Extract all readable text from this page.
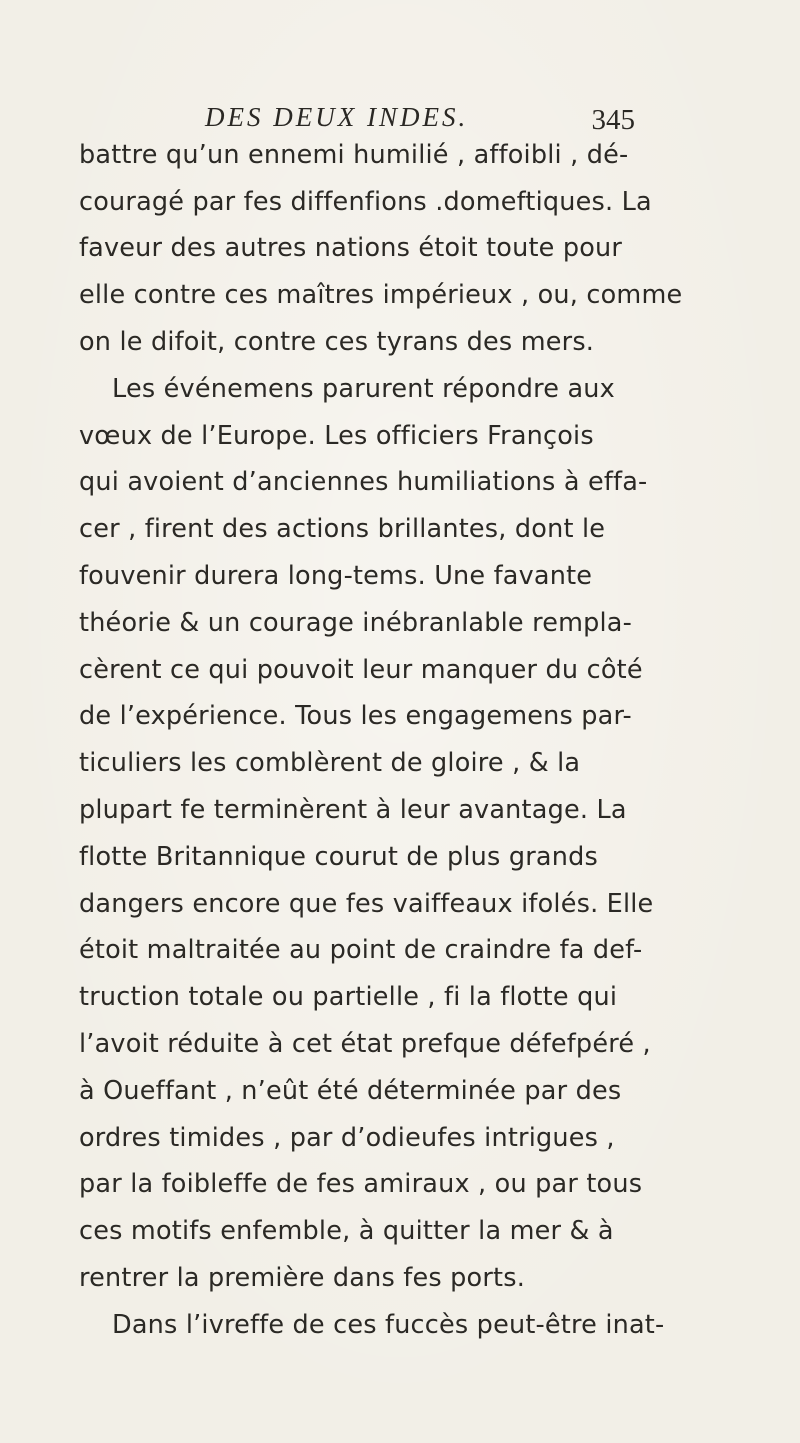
DES DEUX INDES.	345
battre qu’un ennemi humilié , affoibli , dé-
couragé par fes diffenfions .domeftiques. La
faveur des autres nations étoit toute pour
elle contre ces maîtres impérieux , ou, comme
on le difoit, contre ces tyrans des mers.
Les événemens parurent répondre aux
vœux de l’Europe. Les officiers François
qui avoient d’anciennes humiliations à effa-
cer , firent des actions brillantes, dont le
fouvenir durera long-tems. Une favante
théorie & un courage inébranlable rempla-
cèrent ce qui pouvoit leur manquer du côté
de l’expérience. Tous les engagemens par-
ticuliers les comblèrent de gloire , & la
plupart fe terminèrent à leur avantage. La
flotte Britannique courut de plus grands
dangers encore que fes vaiffeaux ifolés. Elle
étoit maltraitée au point de craindre fa def-
truction totale ou partielle , fi la flotte qui
l’avoit réduite à cet état prefque défefpéré ,
à Oueffant , n’eût été déterminée par des
ordres timides , par d’odieufes intrigues ,
par la foibleffe de fes amiraux , ou par tous
ces motifs enfemble, à quitter la mer & à
rentrer la première dans fes ports.
Dans l’ivreffe de ces fuccès peut-être inat-
